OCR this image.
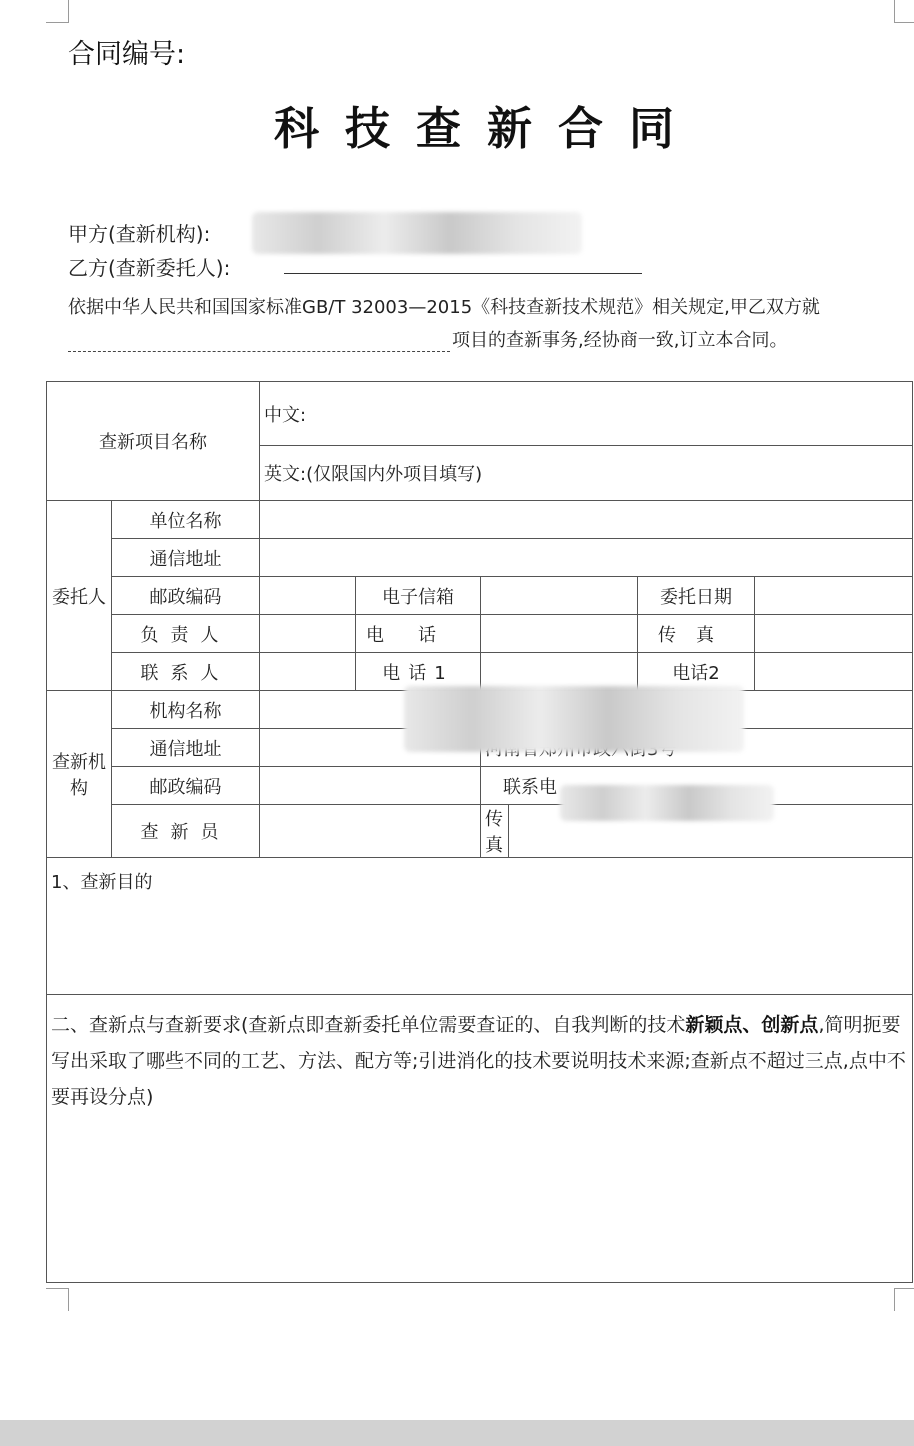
合同编号:
科技查新合同
甲方(查新机构):
乙方(查新委托人):
依据中华人民共和国国家标准GB/T 32003—2015《科技查新技术规范》相关规定,甲乙双方就
项目的查新事务,经协商一致,订立本合同。
查新项目名称		中文:					
		英文:(仅限国内外项目填写)					
委托人	单位名称						
	通信地址						
	邮政编码		电子信箱			委托日期	
	负责人		电话			传真	
	联系人		电话1			电话2	
查新机构	机构名称						
	通信地址		
	邮政编码			联系电			
	查新员			传真			
1、查新目的							
二、查新点与查新要求(查新点即查新委托单位需要查证的、自我判断的技术新颖点、创新点,简明扼要写出采取了哪些不同的工艺、方法、配方等;引进消化的技术要说明技术来源;查新点不超过三点,点中不要再设分点)							
